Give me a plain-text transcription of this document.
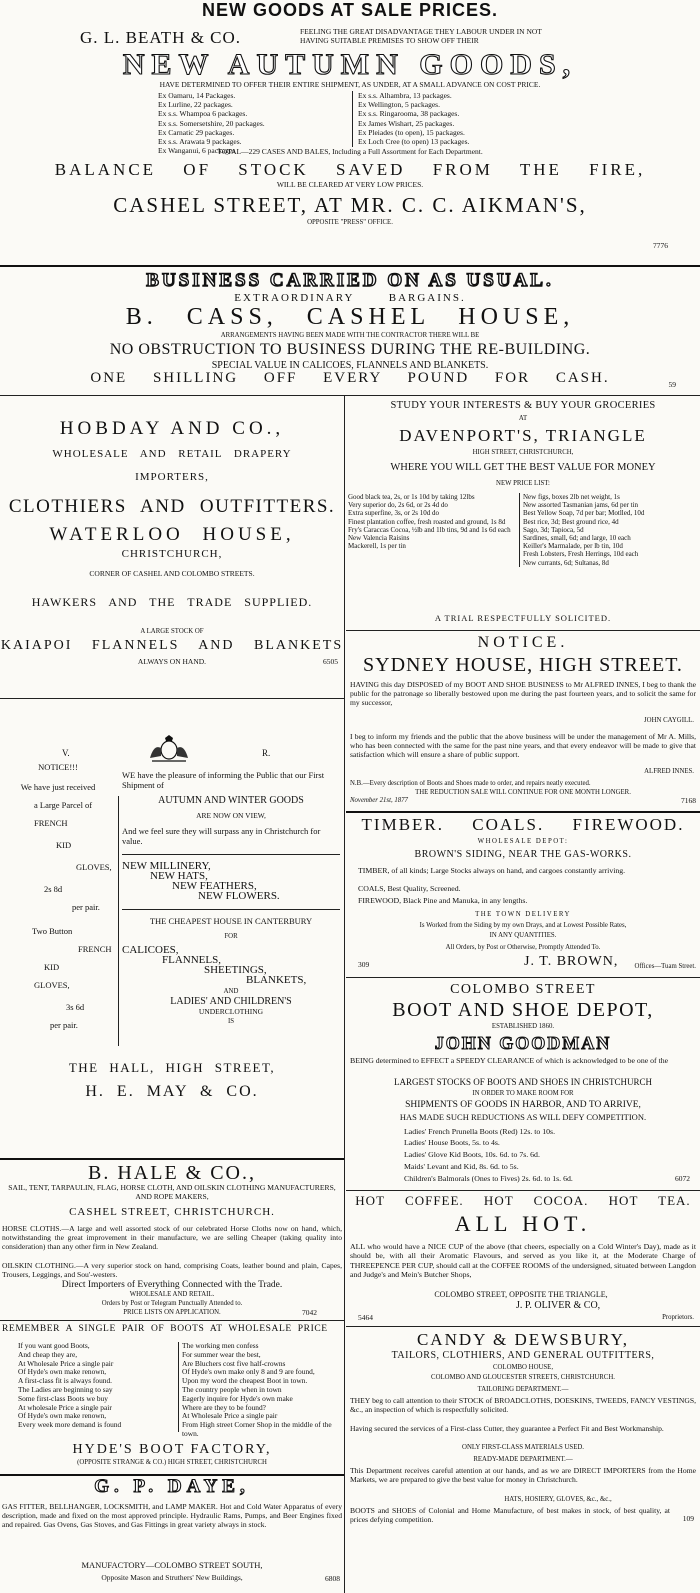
NEW GOODS AT SALE PRICES.
G. L. BEATH & CO.	FEELING THE GREAT DISADVANTAGE THEY LABOUR UNDER IN NOT
HAVING SUITABLE PREMISES TO SHOW OFF THEIR
NEW AUTUMN GOODS,
HAVE DETERMINED TO OFFER THEIR ENTIRE SHIPMENT, AS UNDER, AT A SMALL ADVANCE ON COST PRICE.
Ex Oamaru, 14 Packages.
Ex Lurline, 22 packages.
Ex s.s. Whampoa 6 packages.
Ex s.s. Somersetshire, 20 packages.
Ex Carnatic 29 packages.
Ex s.s. Arawata 9 packages.
Ex Wanganui, 6 packages
Ex s.s. Alhambra, 13 packages.
Ex Wellington, 5 packages.
Ex s.s. Ringarooma, 38 packages.
Ex James Wishart, 25 packages.
Ex Pleiades (to open), 15 packages.
Ex Loch Cree (to open) 13 packages.
TOTAL—229 CASES AND BALES, Including a Full Assortment for Each Department.
BALANCE OF STOCK SAVED FROM THE FIRE,
WILL BE CLEARED AT VERY LOW PRICES.
CASHEL STREET, AT MR. C. C. AIKMAN'S,
OPPOSITE "PRESS" OFFICE.
7776
BUSINESS CARRIED ON AS USUAL.
EXTRAORDINARY BARGAINS.
B. CASS, CASHEL HOUSE,
ARRANGEMENTS HAVING BEEN MADE WITH THE CONTRACTOR THERE WILL BE
NO OBSTRUCTION TO BUSINESS DURING THE RE-BUILDING.
SPECIAL VALUE IN CALICOES, FLANNELS AND BLANKETS.
ONE SHILLING OFF EVERY POUND FOR CASH.	59
HOBDAY AND CO.,
WHOLESALE AND RETAIL DRAPERY
IMPORTERS,
CLOTHIERS AND OUTFITTERS.
WATERLOO HOUSE,
CHRISTCHURCH,
CORNER OF CASHEL AND COLOMBO STREETS.
HAWKERS AND THE TRADE SUPPLIED.
A LARGE STOCK OF
KAIAPOI FLANNELS AND BLANKETS
ALWAYS ON HAND.	6505
V.	R.
NOTICE!!!
We have just received
a Large Parcel of
FRENCH
KID
GLOVES,
2s 8d
per pair.
Two Button
FRENCH
KID
GLOVES,
3s 6d
per pair.

WE have the pleasure of informing the Public that our First Shipment of

AUTUMN AND WINTER GOODS
ARE NOW ON VIEW,

And we feel sure they will surpass any in Christchurch for value.

NEW MILLINERY,
NEW HATS,
NEW FEATHERS,
NEW FLOWERS.
THE CHEAPEST HOUSE IN CANTERBURY
FOR
CALICOES,
FLANNELS,
SHEETINGS,
BLANKETS,
AND
LADIES' AND CHILDREN'S
UNDERCLOTHING
IS
THE HALL, HIGH STREET,
H. E. MAY & CO.
B. HALE & CO.,
SAIL, TENT, TARPAULIN, FLAG, HORSE CLOTH, AND OILSKIN CLOTHING MANUFACTURERS, AND ROPE MAKERS,
CASHEL STREET, CHRISTCHURCH.

HORSE CLOTHS.—A large and well assorted stock of our celebrated Horse Cloths now on hand, which, notwithstanding the great improvement in their manufacture, we are selling Cheaper (taking quality into consideration) than any other firm in New Zealand.

OILSKIN CLOTHING.—A very superior stock on hand, comprising Coats, leather bound and plain, Capes, Trousers, Leggings, and Sou'-westers.

Direct Importers of Everything Connected with the Trade.
WHOLESALE AND RETAIL.
Orders by Post or Telegram Punctually Attended to.
PRICE LISTS ON APPLICATION.	7042
REMEMBER A SINGLE PAIR OF BOOTS AT WHOLESALE PRICE
If you want good Boots,
And cheap they are,
At Wholesale Price a single pair
Of Hyde's own make renown,
A first-class fit is always found.
The Ladies are beginning to say
Some first-class Boots we buy
At wholesale Price a single pair
Of Hyde's own make renown,
Every week more demand is found
The working men confess
For summer wear the best,
Are Bluchers cost five half-crowns
Of Hyde's own make only 8 and 9 are found,
Upon my word the cheapest Boot in town.
The country people when in town
Eagerly inquire for Hyde's own make
Where are they to be found?
At Wholesale Price a single pair
From High street Corner Shop in the middle of the town.
HYDE'S BOOT FACTORY,
(OPPOSITE STRANGE & CO.) HIGH STREET, CHRISTCHURCH
G. P. DAYE,

GAS FITTER, BELLHANGER, LOCKSMITH, and LAMP MAKER. Hot and Cold Water Apparatus of every description, made and fixed on the most approved principle. Hydraulic Rams, Pumps, and Beer Engines fixed and repaired. Gas Ovens, Gas Stoves, and Gas Fittings in great variety always in stock.

MANUFACTORY—COLOMBO STREET SOUTH,
Opposite Mason and Struthers' New Buildings,	6808
STUDY YOUR INTERESTS & BUY YOUR GROCERIES
AT
DAVENPORT'S, TRIANGLE
HIGH STREET, CHRISTCHURCH,
WHERE YOU WILL GET THE BEST VALUE FOR MONEY
NEW PRICE LIST:
Good black tea, 2s, or 1s 10d by taking 12lbs
Very superior do, 2s 6d, or 2s 4d do
Extra superfine, 3s, or 2s 10d do
Finest plantation coffee, fresh roasted and ground, 1s 8d
Fry's Caraccas Cocoa, ½lb and 1lb tins, 9d and 1s 6d each
New Valencia Raisins
Mackerell, 1s per tin
New figs, boxes 2lb net weight, 1s
New assorted Tasmanian jams, 6d per tin
Best Yellow Soap, 7d per bar; Motlled, 10d
Best rice, 3d; Best ground rice, 4d
Sago, 3d; Tapioca, 5d
Sardines, small, 6d; and large, 10 each
Keiller's Marmalade, per lb tin, 10d
Fresh Lobsters, Fresh Herrings, 10d each
New currants, 6d; Sultanas, 8d
A TRIAL RESPECTFULLY SOLICITED.
NOTICE.
SYDNEY HOUSE, HIGH STREET.

HAVING this day DISPOSED of my BOOT AND SHOE BUSINESS to Mr ALFRED INNES, I beg to thank the public for the patronage so liberally bestowed upon me during the past fourteen years, and to solicit the same for my successor,

JOHN CAYGILL.

I beg to inform my friends and the public that the above business will be under the management of Mr A. Mills, who has been connected with the same for the past nine years, and that every endeavor will be made to give that satisfaction which will ensure a share of public support.

ALFRED INNES.
N.B.—Every description of Boots and Shoes made to order, and repairs neatly executed.
THE REDUCTION SALE WILL CONTINUE FOR ONE MONTH LONGER.
November 21st, 1877	7168
TIMBER. COALS. FIREWOOD.
WHOLESALE DEPOT:
BROWN'S SIDING, NEAR THE GAS-WORKS.

TIMBER, of all kinds; Large Stocks always on hand, and cargoes constantly arriving.

COALS, Best Quality, Screened.
FIREWOOD, Black Pine and Manuka, in any lengths.
THE TOWN DELIVERY
Is Worked from the Siding by my own Drays, and at Lowest Possible Rates,
IN ANY QUANTITIES.
All Orders, by Post or Otherwise, Promptly Attended To.
309	J. T. BROWN, Offices—Tuam Street.
COLOMBO STREET
BOOT AND SHOE DEPOT,
ESTABLISHED 1860.
JOHN GOODMAN

BEING determined to EFFECT a SPEEDY CLEARANCE of which is acknowledged to be one of the

LARGEST STOCKS OF BOOTS AND SHOES IN CHRISTCHURCH
IN ORDER TO MAKE ROOM FOR
SHIPMENTS OF GOODS IN HARBOR, AND TO ARRIVE,
HAS MADE SUCH REDUCTIONS AS WILL DEFY COMPETITION.
Ladies' French Prunella Boots (Red) 12s. to 10s.
Ladies' House Boots, 5s. to 4s.
Ladies' Glove Kid Boots, 10s. 6d. to 7s. 6d.
Maids' Levant and Kid, 8s. 6d. to 5s.
Children's Balmorals (Ones to Fives) 2s. 6d. to 1s. 6d.	6072
HOT COFFEE. HOT COCOA. HOT TEA.
ALL HOT.

ALL who would have a NICE CUP of the above (that cheers, especially on a Cold Winter's Day), made as it should be, with all their Aromatic Flavours, and served as you like it, at the Moderate Charge of THREEPENCE PER CUP, should call at the COFFEE ROOMS of the undersigned, situated between Langdon and Judge's and Mein's Butcher Shops,

COLOMBO STREET, OPPOSITE THE TRIANGLE,
J. P. OLIVER & CO,
5464	Proprietors.
CANDY & DEWSBURY,
TAILORS, CLOTHIERS, AND GENERAL OUTFITTERS,
COLOMBO HOUSE,
COLOMBO AND GLOUCESTER STREETS, CHRISTCHURCH.
TAILORING DEPARTMENT.—

THEY beg to call attention to their STOCK of BROADCLOTHS, DOESKINS, TWEEDS, FANCY VESTINGS, &c., an inspection of which is respectfully solicited.

Having secured the services of a First-class Cutter, they guarantee a Perfect Fit and Best Workmanship.

ONLY FIRST-CLASS MATERIALS USED.
READY-MADE DEPARTMENT.—

This Department receives careful attention at our hands, and as we are DIRECT IMPORTERS from the Home Markets, we are prepared to give the best value for money in Christchurch.

HATS, HOSIERY, GLOVES, &c., &c.,

BOOTS and SHOES of Colonial and Home Manufacture, of best makes in stock, of best quality, at prices defying competition.	109
